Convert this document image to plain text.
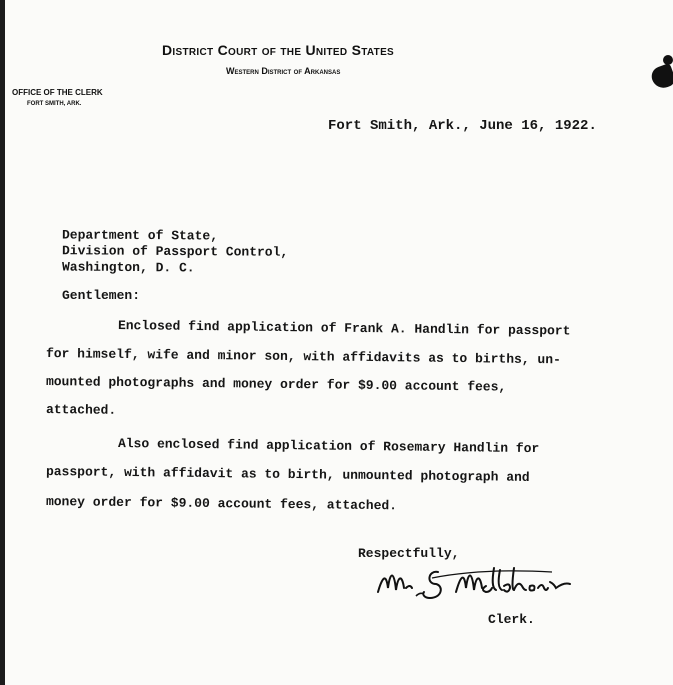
District Court of the United States
Western District of Arkansas
OFFICE OF THE CLERK
FORT SMITH, ARK.
Fort Smith, Ark., June 16, 1922.
Department of State,
Division of Passport Control,
Washington, D. C.
Gentlemen:
Enclosed find application of Frank A. Handlin for passport
for himself, wife and minor son, with affidavits as to births, un-
mounted photographs and money order for $9.00 account fees,
attached.
Also enclosed find application of Rosemary Handlin for
passport, with affidavit as to birth, unmounted photograph and
money order for $9.00 account fees, attached.
Respectfully,
Clerk.
